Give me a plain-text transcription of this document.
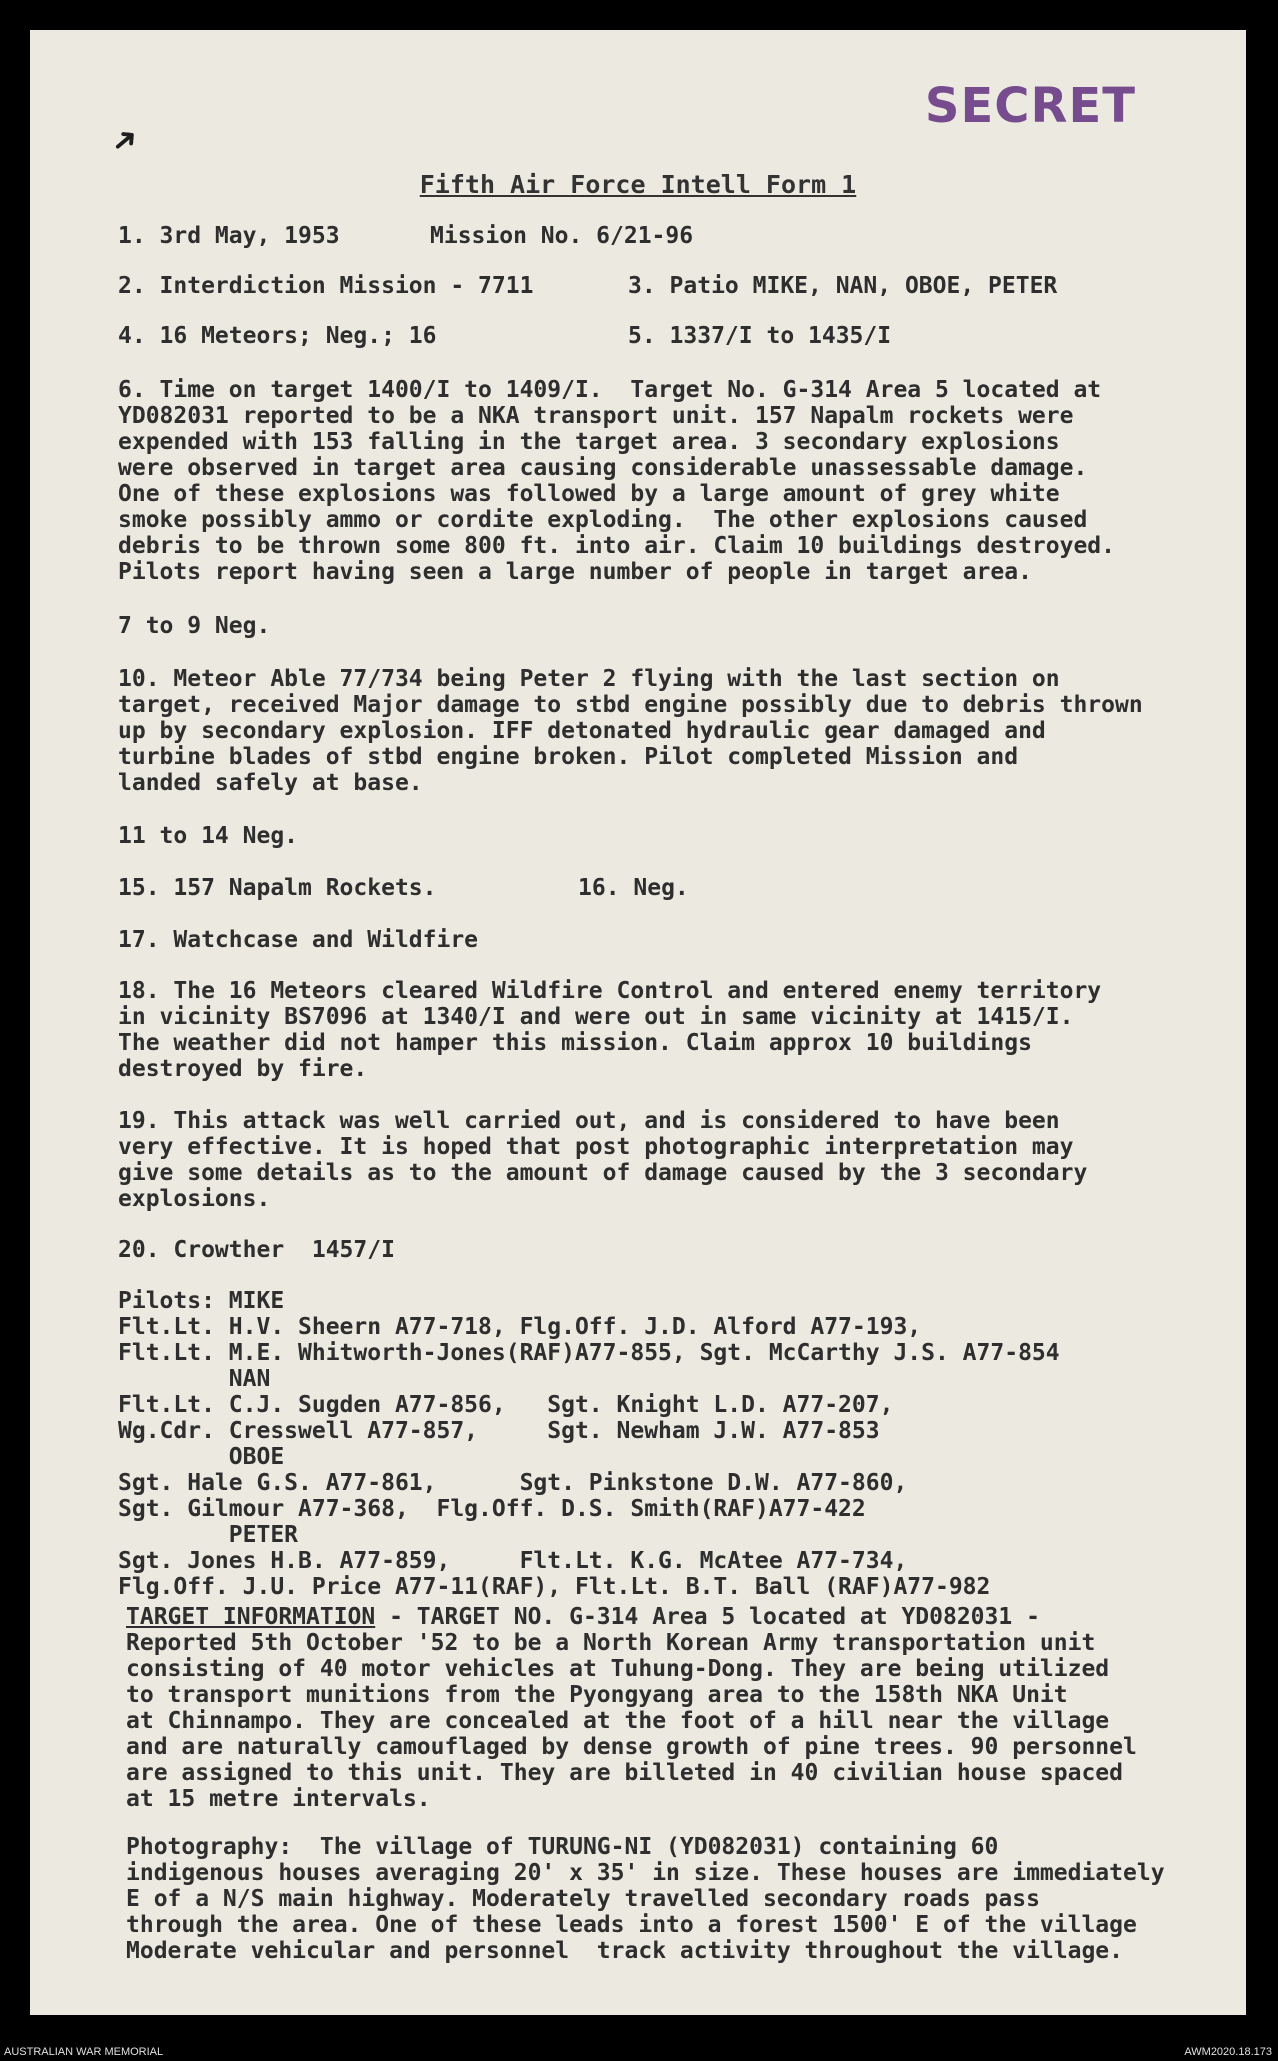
SECRET
➜
Fifth Air Force Intell Form 1
1. 3rd May, 1953	Mission No. 6/21-96
2. Interdiction Mission - 7711	3. Patio MIKE, NAN, OBOE, PETER
4. 16 Meteors; Neg.; 16	5. 1337/I to 1435/I
6. Time on target 1400/I to 1409/I.  Target No. G-314 Area 5 located at
YD082031 reported to be a NKA transport unit. 157 Napalm rockets were
expended with 153 falling in the target area. 3 secondary explosions
were observed in target area causing considerable unassessable damage.
One of these explosions was followed by a large amount of grey white
smoke possibly ammo or cordite exploding.  The other explosions caused
debris to be thrown some 800 ft. into air. Claim 10 buildings destroyed.
Pilots report having seen a large number of people in target area.
7 to 9 Neg.
10. Meteor Able 77/734 being Peter 2 flying with the last section on
target, received Major damage to stbd engine possibly due to debris thrown
up by secondary explosion. IFF detonated hydraulic gear damaged and
turbine blades of stbd engine broken. Pilot completed Mission and
landed safely at base.
11 to 14 Neg.
15. 157 Napalm Rockets.	16. Neg.
17. Watchcase and Wildfire
18. The 16 Meteors cleared Wildfire Control and entered enemy territory
in vicinity BS7096 at 1340/I and were out in same vicinity at 1415/I.
The weather did not hamper this mission. Claim approx 10 buildings
destroyed by fire.
19. This attack was well carried out, and is considered to have been
very effective. It is hoped that post photographic interpretation may
give some details as to the amount of damage caused by the 3 secondary
explosions.
20. Crowther  1457/I
Pilots: MIKE
Flt.Lt. H.V. Sheern A77-718, Flg.Off. J.D. Alford A77-193,
Flt.Lt. M.E. Whitworth-Jones(RAF)A77-855, Sgt. McCarthy J.S. A77-854
NAN
Flt.Lt. C.J. Sugden A77-856,   Sgt. Knight L.D. A77-207,
Wg.Cdr. Cresswell A77-857,     Sgt. Newham J.W. A77-853
OBOE
Sgt. Hale G.S. A77-861,      Sgt. Pinkstone D.W. A77-860,
Sgt. Gilmour A77-368,  Flg.Off. D.S. Smith(RAF)A77-422
PETER
Sgt. Jones H.B. A77-859,     Flt.Lt. K.G. McAtee A77-734,
Flg.Off. J.U. Price A77-11(RAF), Flt.Lt. B.T. Ball (RAF)A77-982
TARGET INFORMATION - TARGET NO. G-314 Area 5 located at YD082031 -
Reported 5th October '52 to be a North Korean Army transportation unit
consisting of 40 motor vehicles at Tuhung-Dong. They are being utilized
to transport munitions from the Pyongyang area to the 158th NKA Unit
at Chinnampo. They are concealed at the foot of a hill near the village
and are naturally camouflaged by dense growth of pine trees. 90 personnel
are assigned to this unit. They are billeted in 40 civilian house spaced
at 15 metre intervals.
Photography:  The village of TURUNG-NI (YD082031) containing 60
indigenous houses averaging 20' x 35' in size. These houses are immediately
E of a N/S main highway. Moderately travelled secondary roads pass
through the area. One of these leads into a forest 1500' E of the village
Moderate vehicular and personnel  track activity throughout the village.
AUSTRALIAN WAR MEMORIAL	AWM2020.18.173
